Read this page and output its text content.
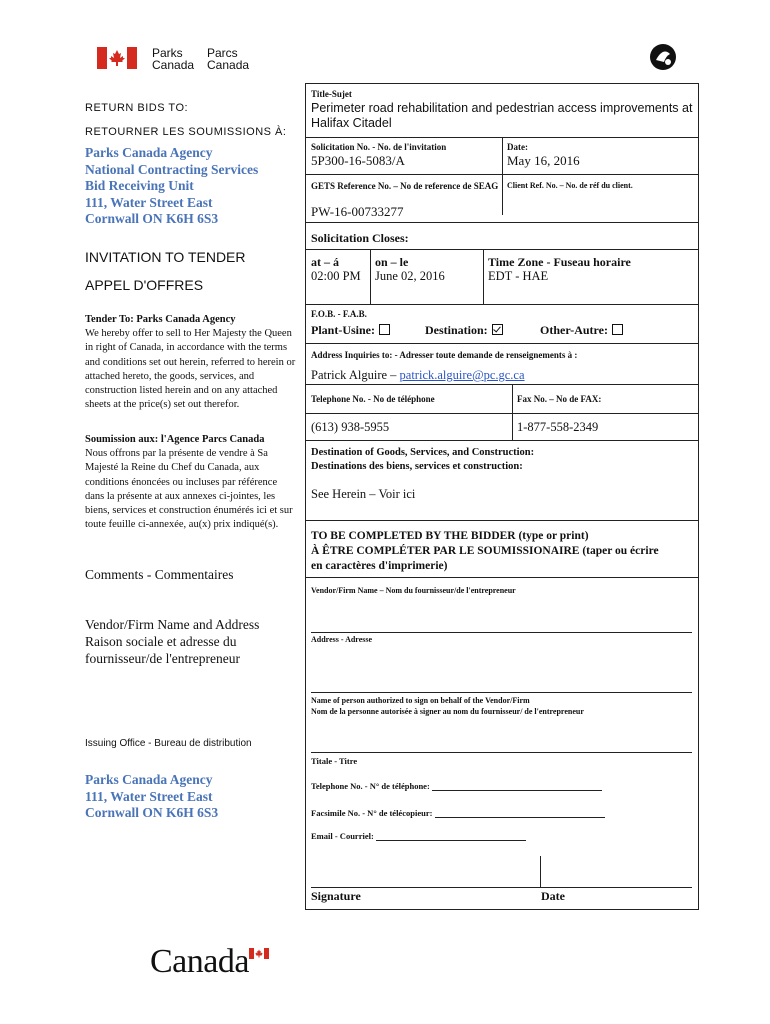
Parks
Canada
Parcs
Canada
RETURN BIDS TO:
RETOURNER LES SOUMISSIONS À:
Parks Canada Agency
National Contracting Services
Bid Receiving Unit
111, Water Street East
Cornwall ON K6H 6S3
INVITATION TO TENDER
APPEL D'OFFRES
Tender To: Parks Canada Agency
We hereby offer to sell to Her Majesty the Queen in right of Canada, in accordance with the terms and conditions set out herein, referred to herein or attached hereto, the goods, services, and construction listed herein and on any attached sheets at the price(s) set out therefor.
Soumission aux: l'Agence Parcs Canada
Nous offrons par la présente de vendre à Sa Majesté la Reine du Chef du Canada, aux conditions énoncées ou incluses par référence dans la présente at aux annexes ci-jointes, les biens, services et construction énumérés ici et sur toute feuille ci-annexée, au(x) prix indiqué(s).
Comments - Commentaires
Vendor/Firm Name and Address
Raison sociale et adresse du
fournisseur/de l'entrepreneur
Issuing Office - Bureau de distribution
Parks Canada Agency
111, Water Street East
Cornwall ON K6H 6S3
Canada
Title-Sujet
Perimeter road rehabilitation and pedestrian access improvements at Halifax Citadel
Solicitation No. - No. de l'invitation
5P300-16-5083/A
Date:
May 16, 2016
GETS Reference No. – No de reference de SEAG
PW-16-00733277
Client Ref. No. – No. de réf du client.
Solicitation Closes:
at – á
02:00 PM
on – le
June 02, 2016
Time Zone - Fuseau horaire
EDT - HAE
F.O.B. - F.A.B.
Plant-Usine:	Destination:	Other-Autre:
Address Inquiries to: - Adresser toute demande de renseignements à :
Patrick Alguire – patrick.alguire@pc.gc.ca
Telephone No. - No de téléphone	Fax No. – No de FAX:
(613) 938-5955	1-877-558-2349
Destination of Goods, Services, and Construction:
Destinations des biens, services et construction:
See Herein – Voir ici
TO BE COMPLETED BY THE BIDDER (type or print)
À ÊTRE COMPLÉTER PAR LE SOUMISSIONAIRE (taper ou écrire
en caractères d'imprimerie)
Vendor/Firm Name – Nom du fournisseur/de l'entrepreneur
Address - Adresse
Name of person authorized to sign on behalf of the Vendor/Firm
Nom de la personne autorisée à signer au nom du fournisseur/ de l'entrepreneur
Titale - Titre
Telephone No. - N° de téléphone:
Facsimile No. - N° de télécopieur:
Email - Courriel:
Signature	Date
